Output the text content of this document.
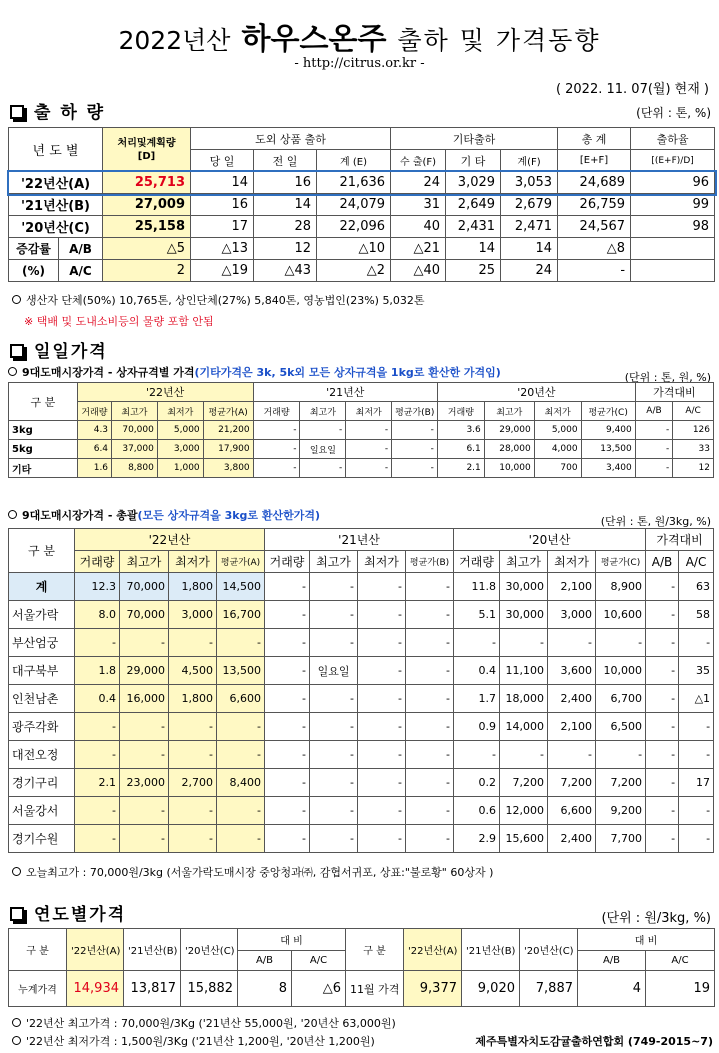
2022년산 하우스온주 출하 및 가격동향
- http://citrus.or.kr -
( 2022. 11. 07(월) 현재 )
출 하 량	(단위 : 톤, %)
년 도 별		처리및계획량
[D]	도외 상품 출하			기타출하			총 계	출하율
			당 일	전 일	계 (E)	수 출(F)	기 타	계(F)	[E+F]	[(E+F)/D]
'22년산(A)		25,713	14	16	21,636	24	3,029	3,053	24,689	96
'21년산(B)		27,009	16	14	24,079	31	2,649	2,679	26,759	99
'20년산(C)		25,158	17	28	22,096	40	2,431	2,471	24,567	98
증감률	A/B	△5	△13	12	△10	△21	14	14	△8	
(%)	A/C	2	△19	△43	△2	△40	25	24	-	
생산자 단체(50%) 10,765톤, 상인단체(27%) 5,840톤, 영농법인(23%) 5,032톤
※ 택배 및 도내소비등의 물량 포함 안됨
일일가격
9대도매시장가격 - 상자규격별 가격(기타가격은 3k, 5k외 모든 상자규격을 1kg로 환산한 가격임)	(단위 : 톤, 원, %)
구 분	'22년산				'21년산				'20년산				가격대비	
	거래량	최고가	최저가	평균가(A)	거래량	최고가	최저가	평균가(B)	거래량	최고가	최저가	평균가(C)	A/B	A/C
3kg	4.3	70,000	5,000	21,200	-	-	-	-	3.6	29,000	5,000	9,400	-	126
5kg	6.4	37,000	3,000	17,900	-	일요일	-	-	6.1	28,000	4,000	13,500	-	33
기타	1.6	8,800	1,000	3,800	-	-	-	-	2.1	10,000	700	3,400	-	12
9대도매시장가격 - 총괄(모든 상자규격을 3kg로 환산한가격)	(단위 : 톤, 원/3kg, %)
구 분	'22년산				'21년산				'20년산				가격대비	
	거래량	최고가	최저가	평균가(A)	거래량	최고가	최저가	평균가(B)	거래량	최고가	최저가	평균가(C)	A/B	A/C
계	12.3	70,000	1,800	14,500	-	-	-	-	11.8	30,000	2,100	8,900	-	63
서울가락	8.0	70,000	3,000	16,700	-	-	-	-	5.1	30,000	3,000	10,600	-	58
부산엄궁	-	-	-	-	-	-	-	-	-	-	-	-	-	-
대구북부	1.8	29,000	4,500	13,500	-	일요일	-	-	0.4	11,100	3,600	10,000	-	35
인천남촌	0.4	16,000	1,800	6,600	-	-	-	-	1.7	18,000	2,400	6,700	-	△1
광주각화	-	-	-	-	-	-	-	-	0.9	14,000	2,100	6,500	-	-
대전오정	-	-	-	-	-	-	-	-	-	-	-	-	-	-
경기구리	2.1	23,000	2,700	8,400	-	-	-	-	0.2	7,200	7,200	7,200	-	17
서울강서	-	-	-	-	-	-	-	-	0.6	12,000	6,600	9,200	-	-
경기수원	-	-	-	-	-	-	-	-	2.9	15,600	2,400	7,700	-	-
오늘최고가 : 70,000원/3kg (서울가락도매시장 중앙청과㈜, 감협서귀포, 상표:"불로황" 60상자 )
연도별가격	(단위 : 원/3kg, %)
구 분	'22년산(A)	'21년산(B)	'20년산(C)	대 비		구 분	'22년산(A)	'21년산(B)	'20년산(C)	대 비	
				A/B	A/C					A/B	A/C
누계가격	14,934	13,817	15,882	8	△6	11월 가격	9,377	9,020	7,887	4	19
'22년산 최고가격 : 70,000원/3Kg ('21년산 55,000원, '20년산 63,000원)
'22년산 최저가격 : 1,500원/3Kg ('21년산 1,200원, '20년산 1,200원)	제주특별자치도감귤출하연합회 (749-2015~7)
